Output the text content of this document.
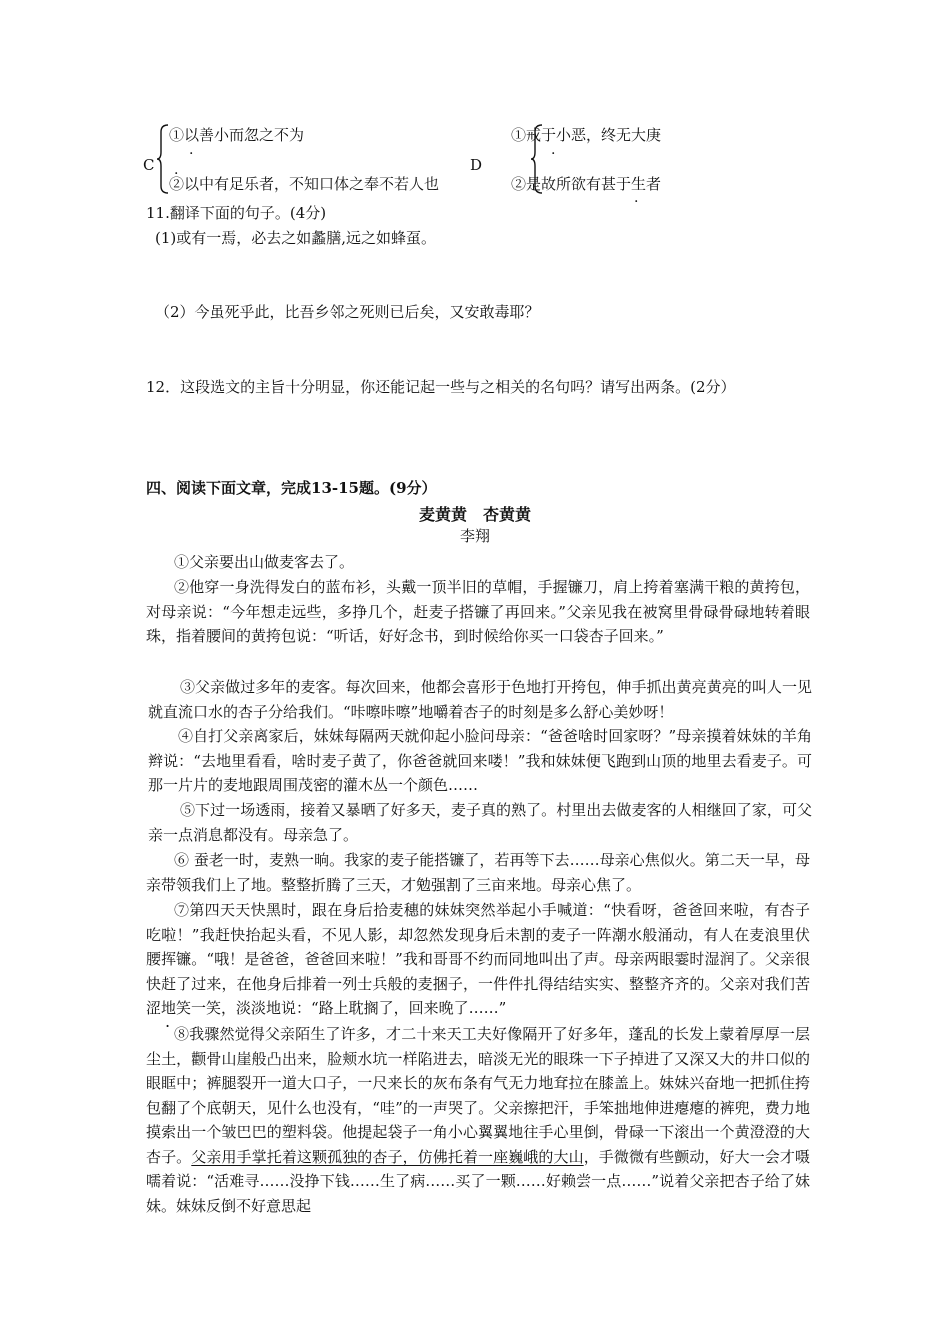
C
①以善小而忽之不为
.
②以中有足乐者，不知口体之奉不若人也
.	D
①戒于小恶，终无大庚
.
②是故所欲有甚于生者
.
11.翻译下面的句子。(4分)
(1)或有一焉，必去之如蠡膳,远之如蜂虿。
（2）今虽死乎此，比吾乡邻之死则已后矣，又安敢毒耶？
12．这段选文的主旨十分明显，你还能记起一些与之相关的名句吗？请写出两条。(2分）
四、阅读下面文章，完成13-15题。(9分）
麦黄黄　杏黄黄
李翔
①父亲要出山做麦客去了。
②他穿一身洗得发白的蓝布衫，头戴一顶半旧的草帽，手握镰刀，肩上挎着塞满干粮的黄挎包，对母亲说：“今年想走远些，多挣几个，赶麦子搭镰了再回来。”父亲见我在被窝里骨碌骨碌地转着眼珠，指着腰间的黄挎包说：“听话，好好念书，到时候给你买一口袋杏子回来。”
③父亲做过多年的麦客。每次回来，他都会喜形于色地打开挎包，伸手抓出黄亮黄亮的叫人一见就直流口水的杏子分给我们。“咔嚓咔嚓”地嚼着杏子的时刻是多么舒心美妙呀！
④自打父亲离家后，妹妹每隔两天就仰起小脸问母亲：“爸爸啥时回家呀？”母亲摸着妹妹的羊角辫说：“去地里看看，啥时麦子黄了，你爸爸就回来喽！”我和妹妹便飞跑到山顶的地里去看麦子。可那一片片的麦地跟周围茂密的灌木丛一个颜色……
⑤下过一场透雨，接着又暴晒了好多天，麦子真的熟了。村里出去做麦客的人相继回了家，可父亲一点消息都没有。母亲急了。
⑥ 蚕老一时，麦熟一晌。我家的麦子能搭镰了，若再等下去……母亲心焦似火。第二天一早，母亲带领我们上了地。整整折腾了三天，才勉强割了三亩来地。母亲心焦了。
⑦第四天天快黑时，跟在身后拾麦穗的妹妹突然举起小手喊道：“快看呀，爸爸回来啦，有杏子吃啦！”我赶快抬起头看，不见人影，却忽然发现身后未割的麦子一阵潮水般涌动，有人在麦浪里伏腰挥镰。“哦！是爸爸，爸爸回来啦！”我和哥哥不约而同地叫出了声。母亲两眼霎时湿润了。父亲很快赶了过来，在他身后排着一列士兵般的麦捆子，一件件扎得结结实实、整整齐齐的。父亲对我们苦涩地笑一笑，淡淡地说：“路上耽搁了，回来晚了……”
⑧我骤然觉得父亲陌生了许多，才二十来天工夫好像隔开了好多年，蓬乱的长发上蒙着厚厚一层尘土，颧骨山崖般凸出来，脸颊水坑一样陷进去，暗淡无光的眼珠一下子掉进了又深又大的井口似的眼眶中；裤腿裂开一道大口子，一尺来长的灰布条有气无力地耷拉在膝盖上。妹妹兴奋地一把抓住挎包翻了个底朝天，见什么也没有，“哇”的一声哭了。父亲擦把汗，手笨拙地伸进瘪瘪的裤兜，费力地摸索出一个皱巴巴的塑料袋。他提起袋子一角小心翼翼地往手心里倒，骨碌一下滚出一个黄澄澄的大杏子。父亲用手掌托着这颗孤独的杏子，仿佛托着一座巍峨的大山，手微微有些颤动，好大一会才嗫嚅着说：“活难寻……没挣下钱……生了病……买了一颗……好赖尝一点……”说着父亲把杏子给了妹妹。妹妹反倒不好意思起
